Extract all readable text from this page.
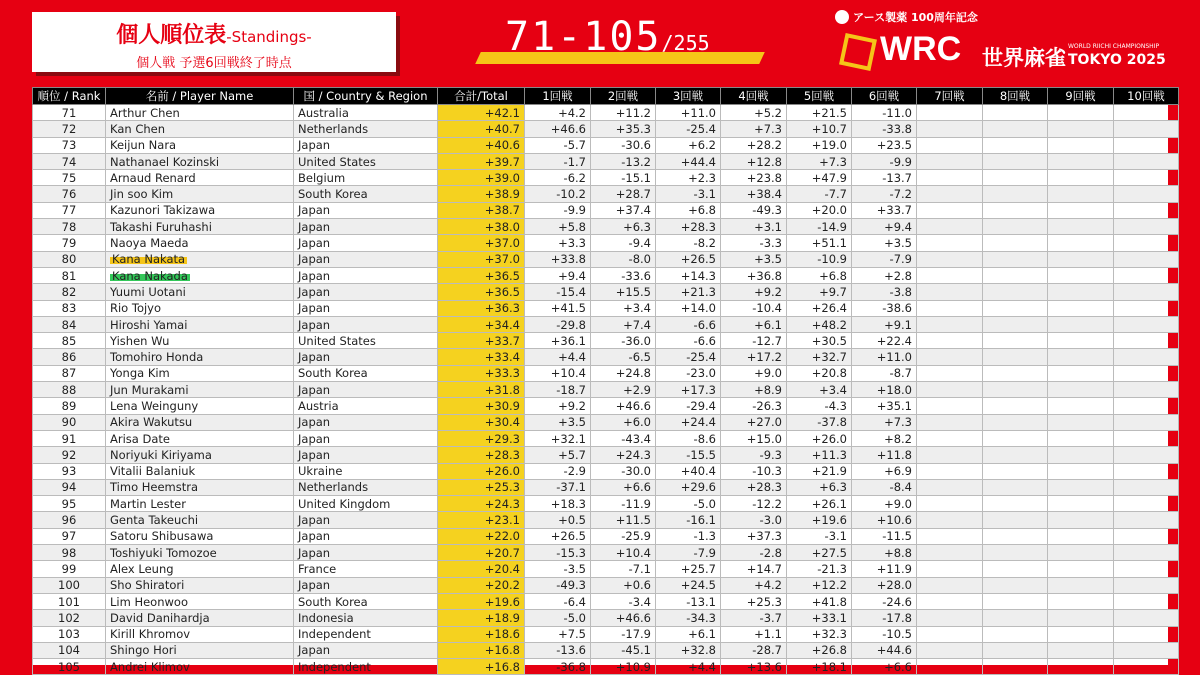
個人順位表-Standings-
個人戦 予選6回戦終了時点
71-105/255
アース製薬 100周年記念
WRC 世界麻雀 WORLD RIICHI CHAMPIONSHIP
TOKYO 2025
順位 / Rank	名前 / Player Name	国 / Country & Region	合計/Total	1回戦	2回戦	3回戦	4回戦	5回戦	6回戦	7回戦	8回戦	9回戦	10回戦
71	Arthur Chen	Australia	+42.1	+4.2	+11.2	+11.0	+5.2	+21.5	-11.0				
72	Kan Chen	Netherlands	+40.7	+46.6	+35.3	-25.4	+7.3	+10.7	-33.8				
73	Keijun Nara	Japan	+40.6	-5.7	-30.6	+6.2	+28.2	+19.0	+23.5				
74	Nathanael Kozinski	United States	+39.7	-1.7	-13.2	+44.4	+12.8	+7.3	-9.9				
75	Arnaud Renard	Belgium	+39.0	-6.2	-15.1	+2.3	+23.8	+47.9	-13.7				
76	Jin soo Kim	South Korea	+38.9	-10.2	+28.7	-3.1	+38.4	-7.7	-7.2				
77	Kazunori Takizawa	Japan	+38.7	-9.9	+37.4	+6.8	-49.3	+20.0	+33.7				
78	Takashi Furuhashi	Japan	+38.0	+5.8	+6.3	+28.3	+3.1	-14.9	+9.4				
79	Naoya Maeda	Japan	+37.0	+3.3	-9.4	-8.2	-3.3	+51.1	+3.5				
80	Kana Nakata	Japan	+37.0	+33.8	-8.0	+26.5	+3.5	-10.9	-7.9				
81	Kana Nakada	Japan	+36.5	+9.4	-33.6	+14.3	+36.8	+6.8	+2.8				
82	Yuumi Uotani	Japan	+36.5	-15.4	+15.5	+21.3	+9.2	+9.7	-3.8				
83	Rio Tojyo	Japan	+36.3	+41.5	+3.4	+14.0	-10.4	+26.4	-38.6				
84	Hiroshi Yamai	Japan	+34.4	-29.8	+7.4	-6.6	+6.1	+48.2	+9.1				
85	Yishen Wu	United States	+33.7	+36.1	-36.0	-6.6	-12.7	+30.5	+22.4				
86	Tomohiro Honda	Japan	+33.4	+4.4	-6.5	-25.4	+17.2	+32.7	+11.0				
87	Yonga Kim	South Korea	+33.3	+10.4	+24.8	-23.0	+9.0	+20.8	-8.7				
88	Jun Murakami	Japan	+31.8	-18.7	+2.9	+17.3	+8.9	+3.4	+18.0				
89	Lena Weinguny	Austria	+30.9	+9.2	+46.6	-29.4	-26.3	-4.3	+35.1				
90	Akira Wakutsu	Japan	+30.4	+3.5	+6.0	+24.4	+27.0	-37.8	+7.3				
91	Arisa Date	Japan	+29.3	+32.1	-43.4	-8.6	+15.0	+26.0	+8.2				
92	Noriyuki Kiriyama	Japan	+28.3	+5.7	+24.3	-15.5	-9.3	+11.3	+11.8				
93	Vitalii Balaniuk	Ukraine	+26.0	-2.9	-30.0	+40.4	-10.3	+21.9	+6.9				
94	Timo Heemstra	Netherlands	+25.3	-37.1	+6.6	+29.6	+28.3	+6.3	-8.4				
95	Martin Lester	United Kingdom	+24.3	+18.3	-11.9	-5.0	-12.2	+26.1	+9.0				
96	Genta Takeuchi	Japan	+23.1	+0.5	+11.5	-16.1	-3.0	+19.6	+10.6				
97	Satoru Shibusawa	Japan	+22.0	+26.5	-25.9	-1.3	+37.3	-3.1	-11.5				
98	Toshiyuki Tomozoe	Japan	+20.7	-15.3	+10.4	-7.9	-2.8	+27.5	+8.8				
99	Alex Leung	France	+20.4	-3.5	-7.1	+25.7	+14.7	-21.3	+11.9				
100	Sho Shiratori	Japan	+20.2	-49.3	+0.6	+24.5	+4.2	+12.2	+28.0				
101	Lim Heonwoo	South Korea	+19.6	-6.4	-3.4	-13.1	+25.3	+41.8	-24.6				
102	David Danihardja	Indonesia	+18.9	-5.0	+46.6	-34.3	-3.7	+33.1	-17.8				
103	Kirill Khromov	Independent	+18.6	+7.5	-17.9	+6.1	+1.1	+32.3	-10.5				
104	Shingo Hori	Japan	+16.8	-13.6	-45.1	+32.8	-28.7	+26.8	+44.6				
105	Andrei Klimov	Independent	+16.8	-36.8	+10.9	+4.4	+13.6	+18.1	+6.6				
